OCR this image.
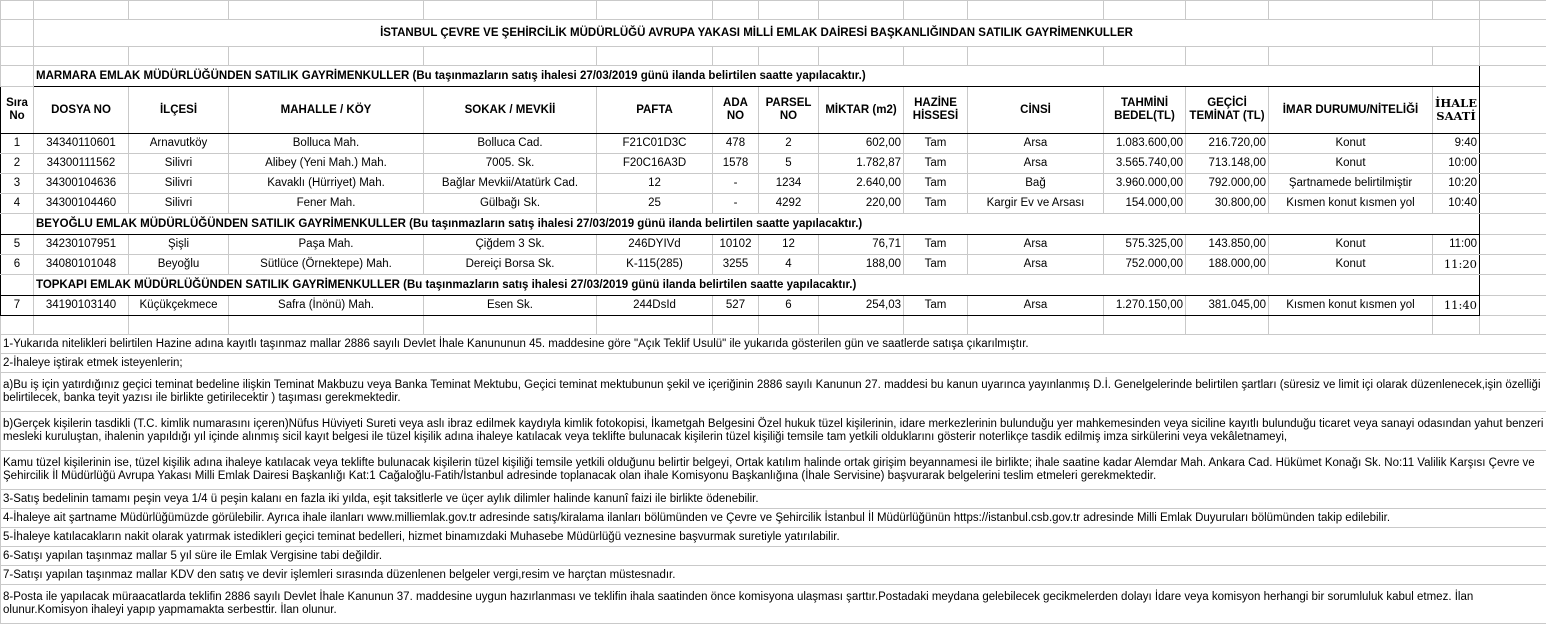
	İSTANBUL ÇEVRE VE ŞEHİRCİLİK MÜDÜRLÜĞÜ AVRUPA YAKASI MİLLİ EMLAK DAİRESİ BAŞKANLIĞINDAN SATILIK GAYRİMENKULLER														

	MARMARA EMLAK MÜDÜRLÜĞÜNDEN SATILIK GAYRİMENKULLER (Bu taşınmazların satış ihalesi 27/03/2019 günü ilanda belirtilen saatte yapılacaktır.)														
Sıra No	DOSYA NO	İLÇESİ	MAHALLE / KÖY	SOKAK / MEVKİİ	PAFTA	ADA NO	PARSEL NO	MİKTAR (m2)	HAZİNE HİSSESİ	CİNSİ	TAHMİNİ BEDEL(TL)	GEÇİCİ TEMİNAT (TL)	İMAR DURUMU/NİTELİĞİ	İHALE SAATİ	
1	34340110601	Arnavutköy	Bolluca Mah.	Bolluca Cad.	F21C01D3C	478	2	602,00	Tam	Arsa	1.083.600,00	216.720,00	Konut	9:40	
2	34300111562	Silivri	Alibey (Yeni Mah.) Mah.	7005. Sk.	F20C16A3D	1578	5	1.782,87	Tam	Arsa	3.565.740,00	713.148,00	Konut	10:00	
3	34300104636	Silivri	Kavaklı (Hürriyet) Mah.	Bağlar Mevkii/Atatürk Cad.	12	-	1234	2.640,00	Tam	Bağ	3.960.000,00	792.000,00	Şartnamede belirtilmiştir	10:20	
4	34300104460	Silivri	Fener Mah.	Gülbağı Sk.	25	-	4292	220,00	Tam	Kargir Ev ve Arsası	154.000,00	30.800,00	Kısmen konut kısmen yol	10:40	
	BEYOĞLU EMLAK MÜDÜRLÜĞÜNDEN SATILIK GAYRİMENKULLER (Bu taşınmazların satış ihalesi 27/03/2019 günü ilanda belirtilen saatte yapılacaktır.)														
5	34230107951	Şişli	Paşa Mah.	Çiğdem 3 Sk.	246DYIVd	10102	12	76,71	Tam	Arsa	575.325,00	143.850,00	Konut	11:00	
6	34080101048	Beyoğlu	Sütlüce (Örnektepe) Mah.	Dereiçi Borsa Sk.	K-115(285)	3255	4	188,00	Tam	Arsa	752.000,00	188.000,00	Konut	11:20	
	TOPKAPI EMLAK MÜDÜRLÜĞÜNDEN SATILIK GAYRİMENKULLER (Bu taşınmazların satış ihalesi 27/03/2019 günü ilanda belirtilen saatte yapılacaktır.)														
7	34190103140	Küçükçekmece	Safra (İnönü) Mah.	Esen Sk.	244DsId	527	6	254,03	Tam	Arsa	1.270.150,00	381.045,00	Kısmen konut kısmen yol	11:40	

1-Yukarıda nitelikleri belirtilen Hazine adına kayıtlı taşınmaz mallar 2886 sayılı Devlet İhale Kanununun 45. maddesine göre "Açık Teklif Usulü" ile yukarıda gösterilen gün ve saatlerde satışa çıkarılmıştır.															
2-İhaleye iştirak etmek isteyenlerin;															
a)Bu iş için yatırdığınız geçici teminat bedeline ilişkin Teminat Makbuzu veya Banka Teminat Mektubu, Geçici teminat mektubunun şekil ve içeriğinin 2886 sayılı Kanunun 27. maddesi bu kanun uyarınca yayınlanmış D.İ. Genelgelerinde belirtilen şartları (süresiz ve limit içi olarak düzenlenecek,işin özelliği belirtilecek, banka teyit yazısı ile birlikte getirilecektir ) taşıması gerekmektedir.															
b)Gerçek kişilerin tasdikli (T.C. kimlik numarasını içeren)Nüfus Hüviyeti Sureti veya aslı ibraz edilmek kaydıyla kimlik fotokopisi, İkametgah Belgesini Özel hukuk tüzel kişilerinin, idare merkezlerinin bulunduğu yer mahkemesinden veya siciline kayıtlı bulunduğu ticaret veya sanayi odasından yahut benzeri mesleki kuruluştan, ihalenin yapıldığı yıl içinde alınmış sicil kayıt belgesi ile tüzel kişilik adına ihaleye katılacak veya teklifte bulunacak kişilerin tüzel kişiliği temsile tam yetkili olduklarını gösterir noterlikçe tasdik edilmiş imza sirkülerini veya vekâletnameyi,															
Kamu tüzel kişilerinin ise, tüzel kişilik adına ihaleye katılacak veya teklifte bulunacak kişilerin tüzel kişiliği temsile yetkili olduğunu belirtir belgeyi, Ortak katılım halinde ortak girişim beyannamesi ile birlikte; ihale saatine kadar Alemdar Mah. Ankara Cad. Hükümet Konağı Sk. No:11 Valilik Karşısı Çevre ve Şehircilik İl Müdürlüğü Avrupa Yakası Milli Emlak Dairesi Başkanlığı Kat:1 Cağaloğlu-Fatih/İstanbul adresinde toplanacak olan ihale Komisyonu Başkanlığına (İhale Servisine) başvurarak belgelerini teslim etmeleri gerekmektedir.															
3-Satış bedelinin tamamı peşin veya 1/4 ü peşin kalanı en fazla iki yılda, eşit taksitlerle ve üçer aylık dilimler halinde kanunî faizi ile birlikte ödenebilir.															
4-İhaleye ait şartname Müdürlüğümüzde görülebilir. Ayrıca ihale ilanları www.milliemlak.gov.tr adresinde satış/kiralama ilanları bölümünden ve Çevre ve Şehircilik İstanbul İl Müdürlüğünün https://istanbul.csb.gov.tr adresinde Milli Emlak Duyuruları bölümünden takip edilebilir.															
5-İhaleye katılacakların nakit olarak yatırmak istedikleri geçici teminat bedelleri, hizmet binamızdaki Muhasebe Müdürlüğü veznesine başvurmak suretiyle yatırılabilir.															
6-Satışı yapılan taşınmaz mallar 5 yıl süre ile Emlak Vergisine tabi değildir.															
7-Satışı yapılan taşınmaz mallar KDV den satış ve devir işlemleri sırasında düzenlenen belgeler vergi,resim ve harçtan müstesnadır.															
8-Posta ile yapılacak müraacatlarda teklifin 2886 sayılı Devlet İhale Kanunun 37. maddesine uygun hazırlanması ve teklifin ihala saatinden önce komisyona ulaşması şarttır.Postadaki meydana gelebilecek gecikmelerden dolayı İdare veya komisyon herhangi bir sorumluluk kabul etmez. İlan olunur.Komisyon ihaleyi yapıp yapmamakta serbesttir. İlan olunur.															
